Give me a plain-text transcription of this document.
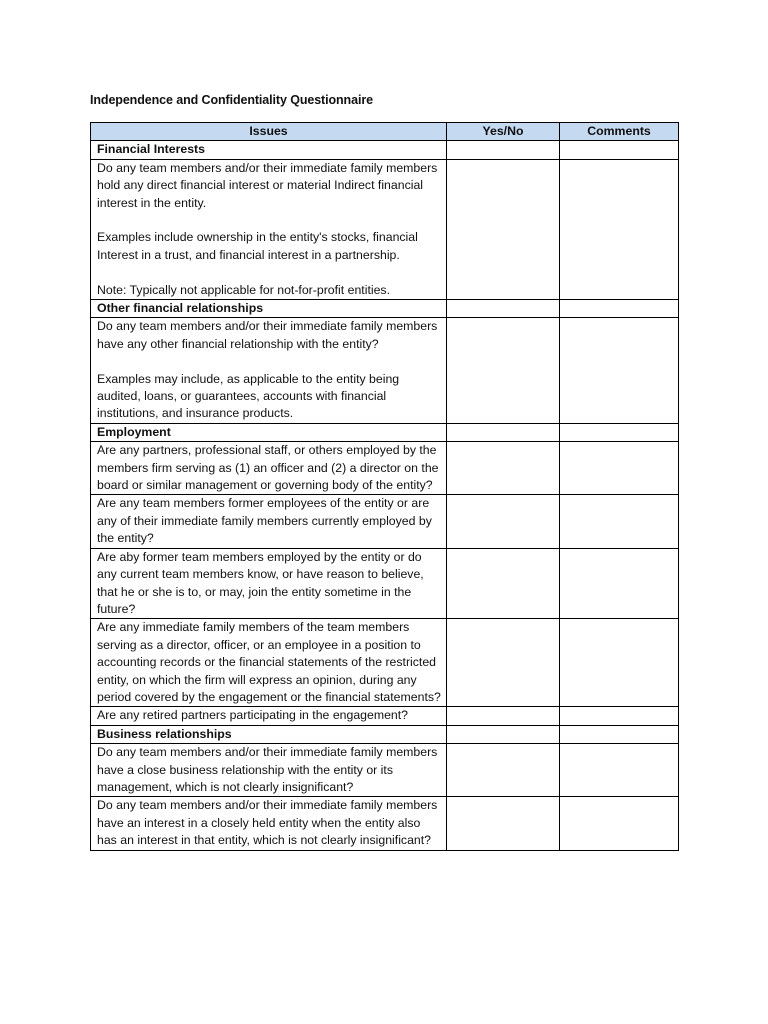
Independence and Confidentiality Questionnaire
Issues	Yes/No	Comments
Financial Interests		

Do any team members and/or their immediate family members hold any direct financial interest or material Indirect financial interest in the entity.
Examples include ownership in the entity's stocks, financial Interest in a trust, and financial interest in a partnership.
Note: Typically not applicable for not-for-profit entities.		

Other financial relationships		

Do any team members and/or their immediate family members have any other financial relationship with the entity?
Examples may include, as applicable to the entity being audited, loans, or guarantees, accounts with financial institutions, and insurance products.		

Employment		

Are any partners, professional staff, or others employed by the members firm serving as (1) an officer and (2) a director on the board or similar management or governing body of the entity?		

Are any team members former employees of the entity or are any of their immediate family members currently employed by the entity?		

Are aby former team members employed by the entity or do any current team members know, or have reason to believe, that he or she is to, or may, join the entity sometime in the future?		

Are any immediate family members of the team members serving as a director, officer, or an employee in a position to accounting records or the financial statements of the restricted entity, on which the firm will express an opinion, during any period covered by the engagement or the financial statements?		

Are any retired partners participating in the engagement?		

Business relationships		

Do any team members and/or their immediate family members have a close business relationship with the entity or its management, which is not clearly insignificant?		

Do any team members and/or their immediate family members have an interest in a closely held entity when the entity also has an interest in that entity, which is not clearly insignificant?		
